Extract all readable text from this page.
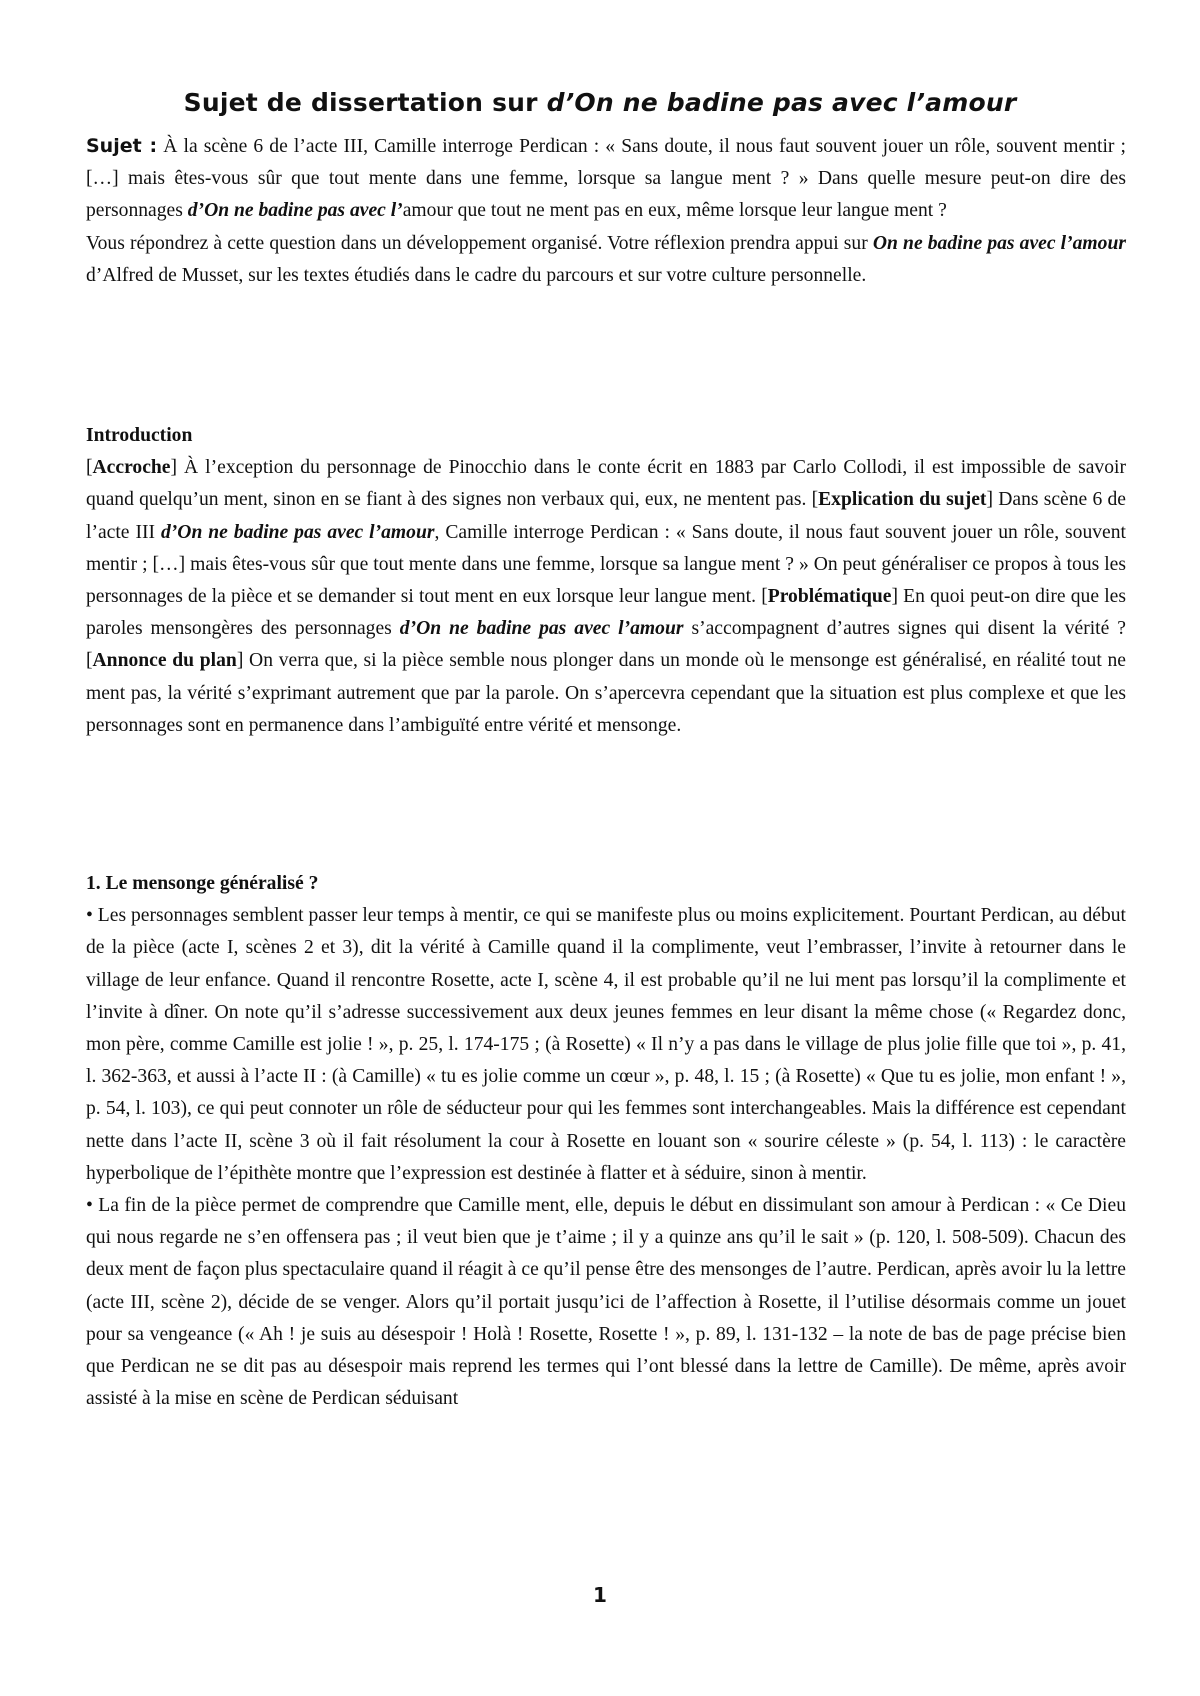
Sujet de dissertation sur d’On ne badine pas avec l’amour

Sujet : À la scène 6 de l’acte III, Camille interroge Perdican : « Sans doute, il nous faut souvent jouer un rôle, souvent mentir ; […] mais êtes-vous sûr que tout mente dans une femme, lorsque sa langue ment ? » Dans quelle mesure peut-on dire des personnages d’On ne badine pas avec l’amour que tout ne ment pas en eux, même lorsque leur langue ment ?

Vous répondrez à cette question dans un développement organisé. Votre réflexion prendra appui sur On ne badine pas avec l’amour d’Alfred de Musset, sur les textes étudiés dans le cadre du parcours et sur votre culture personnelle.

Introduction

[Accroche] À l’exception du personnage de Pinocchio dans le conte écrit en 1883 par Carlo Collodi, il est impossible de savoir quand quelqu’un ment, sinon en se fiant à des signes non verbaux qui, eux, ne mentent pas. [Explication du sujet] Dans scène 6 de l’acte III d’On ne badine pas avec l’amour, Camille interroge Perdican : « Sans doute, il nous faut souvent jouer un rôle, souvent mentir ; […] mais êtes-vous sûr que tout mente dans une femme, lorsque sa langue ment ? » On peut généraliser ce propos à tous les personnages de la pièce et se demander si tout ment en eux lorsque leur langue ment. [Problématique] En quoi peut-on dire que les paroles mensongères des personnages d’On ne badine pas avec l’amour s’accompagnent d’autres signes qui disent la vérité ? [Annonce du plan] On verra que, si la pièce semble nous plonger dans un monde où le mensonge est généralisé, en réalité tout ne ment pas, la vérité s’exprimant autrement que par la parole. On s’apercevra cependant que la situation est plus complexe et que les personnages sont en permanence dans l’ambiguïté entre vérité et mensonge.

1. Le mensonge généralisé ?

• Les personnages semblent passer leur temps à mentir, ce qui se manifeste plus ou moins explicitement. Pourtant Perdican, au début de la pièce (acte I, scènes 2 et 3), dit la vérité à Camille quand il la complimente, veut l’embrasser, l’invite à retourner dans le village de leur enfance. Quand il rencontre Rosette, acte I, scène 4, il est probable qu’il ne lui ment pas lorsqu’il la complimente et l’invite à dîner. On note qu’il s’adresse successivement aux deux jeunes femmes en leur disant la même chose (« Regardez donc, mon père, comme Camille est jolie ! », p. 25, l. 174-175 ; (à Rosette) « Il n’y a pas dans le village de plus jolie fille que toi », p. 41, l. 362-363, et aussi à l’acte II : (à Camille) « tu es jolie comme un cœur », p. 48, l. 15 ; (à Rosette) « Que tu es jolie, mon enfant ! », p. 54, l. 103), ce qui peut connoter un rôle de séducteur pour qui les femmes sont interchangeables. Mais la différence est cependant nette dans l’acte II, scène 3 où il fait résolument la cour à Rosette en louant son « sourire céleste » (p. 54, l. 113) : le caractère hyperbolique de l’épithète montre que l’expression est destinée à flatter et à séduire, sinon à mentir.

• La fin de la pièce permet de comprendre que Camille ment, elle, depuis le début en dissimulant son amour à Perdican : « Ce Dieu qui nous regarde ne s’en offensera pas ; il veut bien que je t’aime ; il y a quinze ans qu’il le sait » (p. 120, l. 508-509). Chacun des deux ment de façon plus spectaculaire quand il réagit à ce qu’il pense être des mensonges de l’autre. Perdican, après avoir lu la lettre (acte III, scène 2), décide de se venger. Alors qu’il portait jusqu’ici de l’affection à Rosette, il l’utilise désormais comme un jouet pour sa vengeance (« Ah ! je suis au désespoir ! Holà ! Rosette, Rosette ! », p. 89, l. 131-132 – la note de bas de page précise bien que Perdican ne se dit pas au désespoir mais reprend les termes qui l’ont blessé dans la lettre de Camille). De même, après avoir assisté à la mise en scène de Perdican séduisant

1
